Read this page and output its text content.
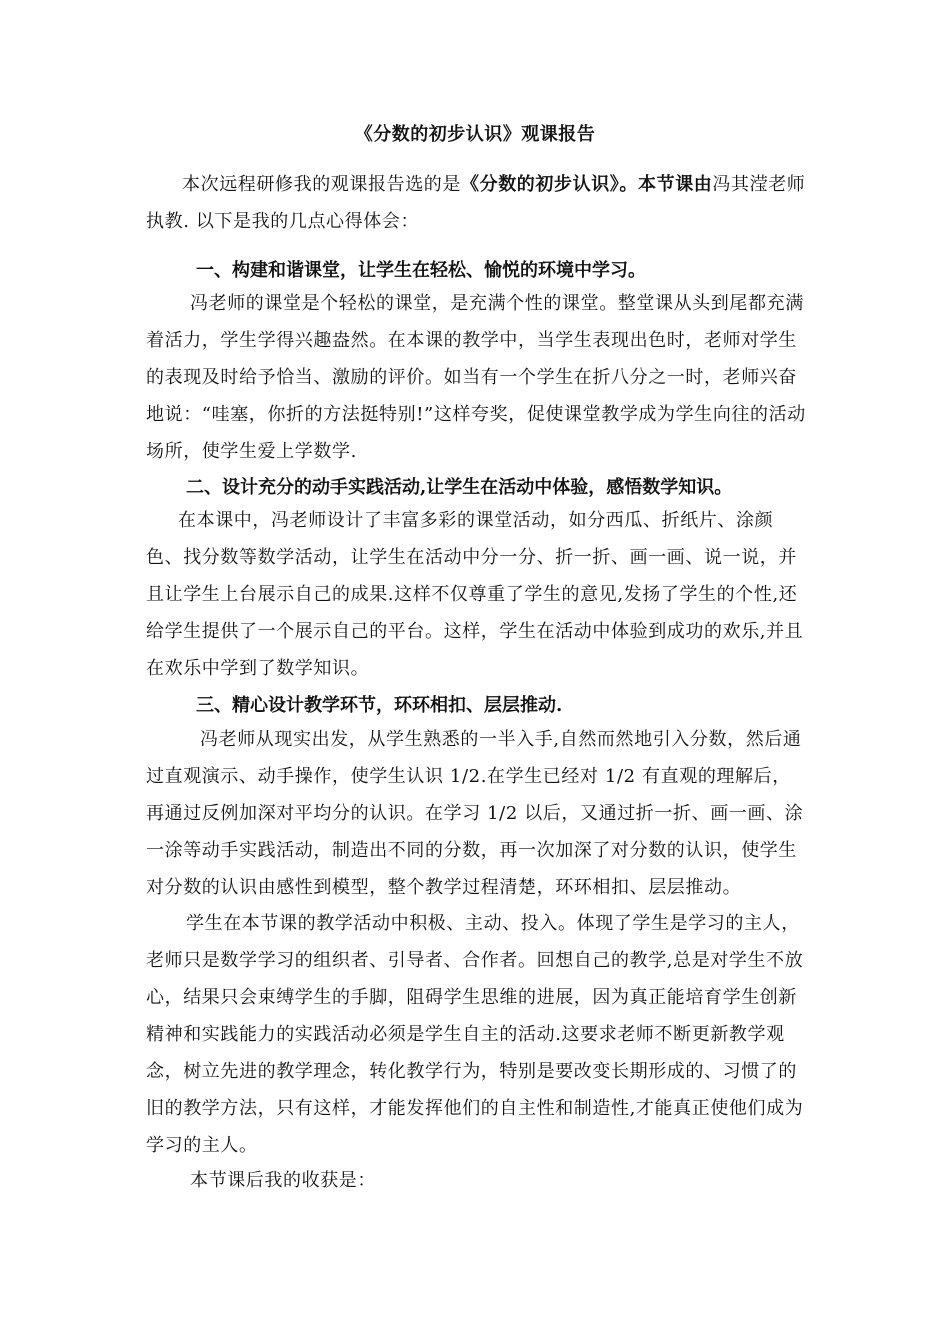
《分数的初步认识》观课报告

本次远程研修我的观课报告选的是《分数的初步认识》。本节课由冯其滢老师执教. 以下是我的几点心得体会：

一、构建和谐课堂，让学生在轻松、愉悦的环境中学习。

冯老师的课堂是个轻松的课堂，是充满个性的课堂。整堂课从头到尾都充满着活力，学生学得兴趣盎然。在本课的教学中，当学生表现出色时，老师对学生的表现及时给予恰当、激励的评价。如当有一个学生在折八分之一时，老师兴奋地说：“哇塞，你折的方法挺特别!”这样夸奖，促使课堂教学成为学生向往的活动场所，使学生爱上学数学.

二、设计充分的动手实践活动,让学生在活动中体验，感悟数学知识。

在本课中，冯老师设计了丰富多彩的课堂活动，如分西瓜、折纸片、涂颜色、找分数等数学活动，让学生在活动中分一分、折一折、画一画、说一说，并且让学生上台展示自己的成果.这样不仅尊重了学生的意见,发扬了学生的个性,还给学生提供了一个展示自己的平台。这样，学生在活动中体验到成功的欢乐,并且在欢乐中学到了数学知识。

三、精心设计教学环节，环环相扣、层层推动.

冯老师从现实出发，从学生熟悉的一半入手,自然而然地引入分数，然后通过直观演示、动手操作，使学生认识 1/2.在学生已经对 1/2 有直观的理解后，再通过反例加深对平均分的认识。在学习 1/2 以后，又通过折一折、画一画、涂一涂等动手实践活动，制造出不同的分数，再一次加深了对分数的认识，使学生对分数的认识由感性到模型，整个教学过程清楚，环环相扣、层层推动。

学生在本节课的教学活动中积极、主动、投入。体现了学生是学习的主人，老师只是数学学习的组织者、引导者、合作者。回想自己的教学,总是对学生不放心，结果只会束缚学生的手脚，阻碍学生思维的进展，因为真正能培育学生创新精神和实践能力的实践活动必须是学生自主的活动.这要求老师不断更新教学观念，树立先进的教学理念，转化教学行为，特别是要改变长期形成的、习惯了的旧的教学方法，只有这样，才能发挥他们的自主性和制造性,才能真正使他们成为学习的主人。

本节课后我的收获是：
